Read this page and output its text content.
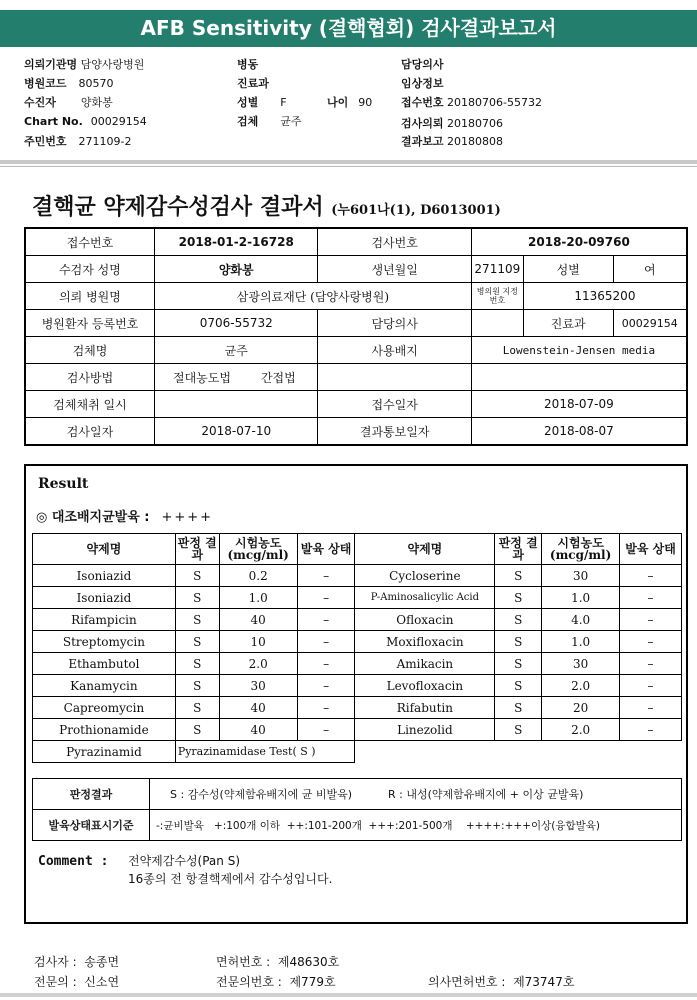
AFB Sensitivity (결핵협회) 검사결과보고서
의뢰기관명 담양사랑병원
병원코드 80570
수진자 양화봉
Chart No. 00029154
주민번호 271109-2
병동
진료과
성별 F	나이 90
검체 균주
담당의사
임상정보
접수번호 20180706-55732
검사의뢰 20180706
결과보고 20180808
결핵균 약제감수성검사 결과서 (누601나(1), D6013001)
접수번호	2018-01-2-16728	검사번호	2018-20-09760		
수검자 성명	양화봉	생년월일	271109	성별	여
의뢰 병원명	삼광의료재단 (담양사랑병원)		병의원 지정번호	11365200	
병원환자 등록번호	0706-55732	담당의사		진료과	00029154
검체명	균주	사용배지	Lowenstein-Jensen media		
검사방법	절대농도법 간접법				
검체채취 일시		접수일자	2018-07-09		
검사일자	2018-07-10	결과통보일자	2018-08-07		
Result
◎ 대조배지균발육 : ++++
약제명	판정 결과	시험농도 (mcg/ml)	발육 상태	약제명	판정 결과	시험농도 (mcg/ml)	발육 상태
Isoniazid	S	0.2	–	Cycloserine	S	30	–
Isoniazid	S	1.0	–	P-Aminosalicylic Acid	S	1.0	–
Rifampicin	S	40	–	Ofloxacin	S	4.0	–
Streptomycin	S	10	–	Moxifloxacin	S	1.0	–
Ethambutol	S	2.0	–	Amikacin	S	30	–
Kanamycin	S	30	–	Levofloxacin	S	2.0	–
Capreomycin	S	40	–	Rifabutin	S	20	–
Prothionamide	S	40	–	Linezolid	S	2.0	–
Pyrazinamid	Pyrazinamidase Test( S )						
판정결과	S : 감수성(약제함유배지에 균 비발육) R : 내성(약제함유배지에 + 이상 균발육)
발육상태표시기준	-:균비발육   +:100개 이하  ++:101-200개  +++:201-500개    ++++:+++이상(융합발육)
Comment : 전약제감수성(Pan S)
16종의 전 항결핵제에서 감수성입니다.
검사자 : 송종면	면허번호 : 제48630호
전문의 : 신소연	전문의번호 : 제779호	의사면허번호 : 제73747호
